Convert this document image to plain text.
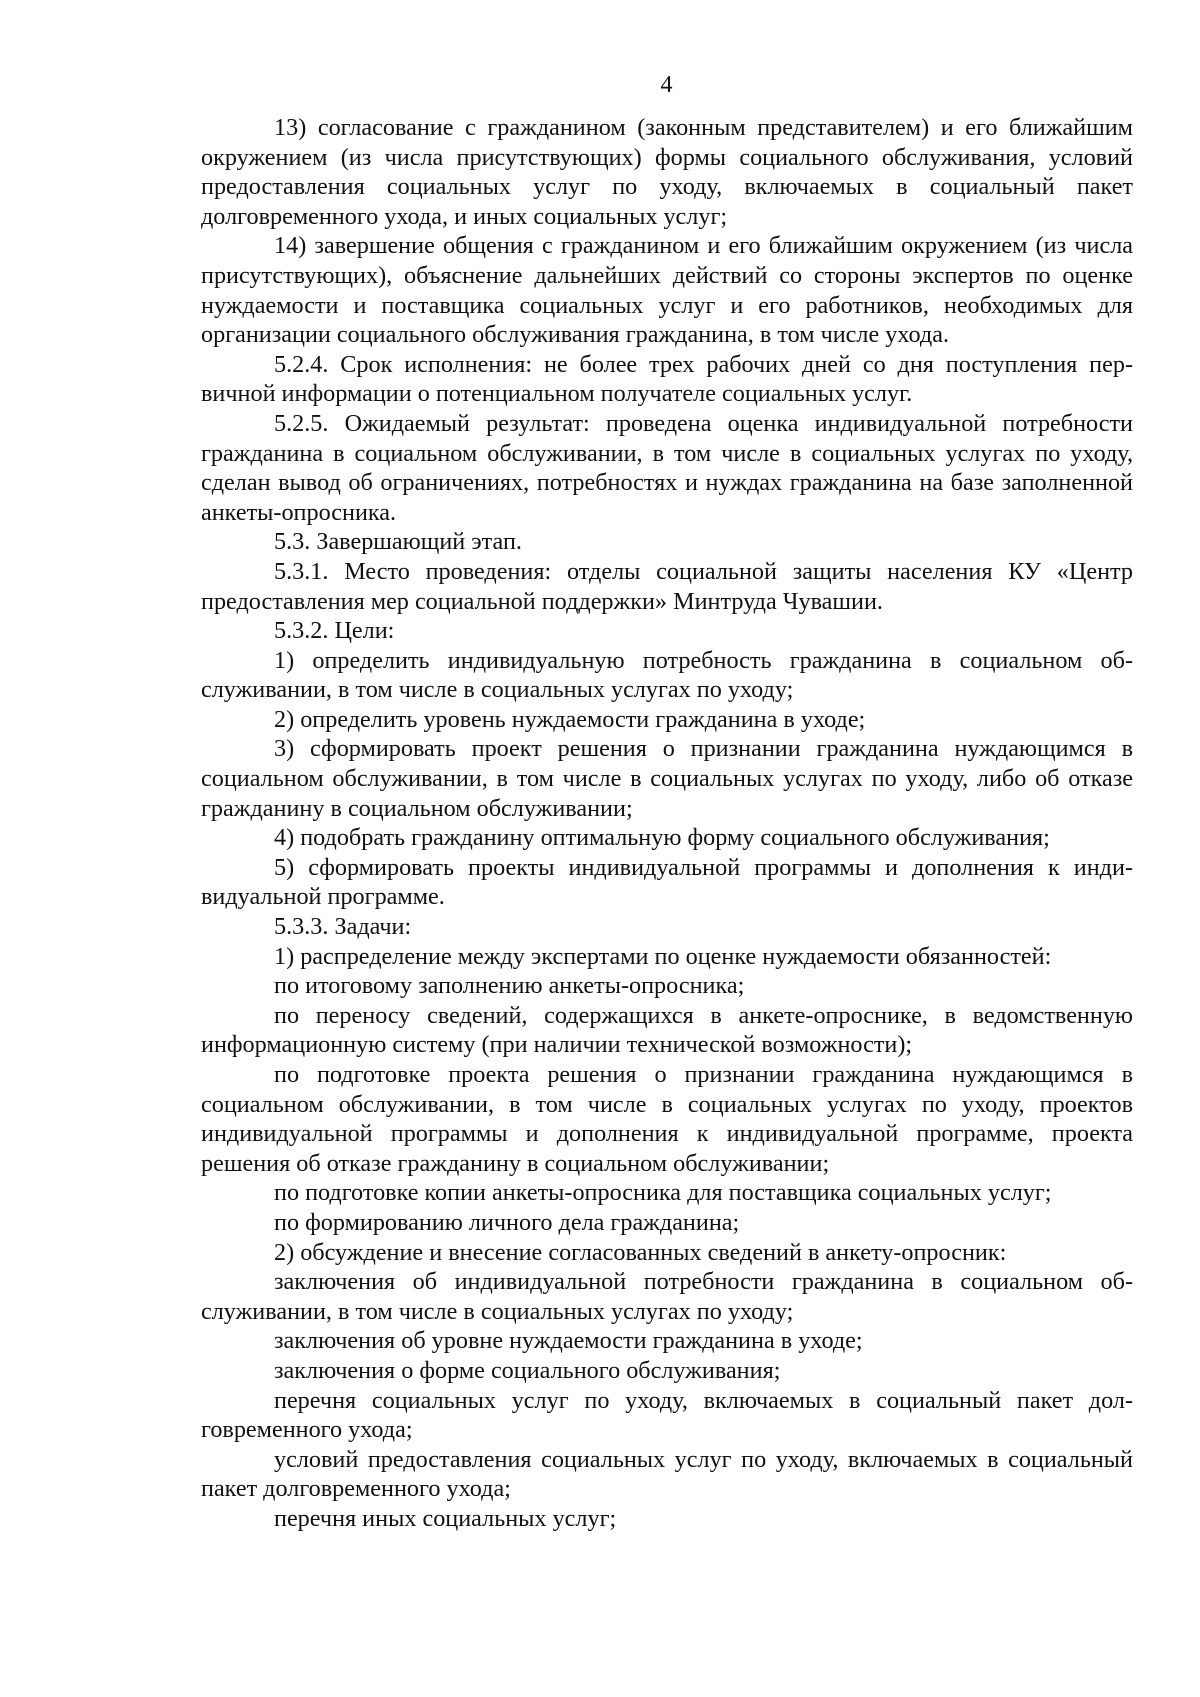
4

13) согласование с гражданином (законным представителем) и его ближайшим окружением (из числа присутствующих) формы социального обслуживания, условий предоставления социальных услуг по уходу, включаемых в социальный пакет долговременного ухода, и иных социальных услуг;

14) завершение общения с гражданином и его ближайшим окружением (из числа присутствующих), объяснение дальнейших действий со стороны экспертов по оценке нуждаемости и поставщика социальных услуг и его работников, необходимых для организации социального обслуживания гражданина, в том числе ухода.

5.2.4. Срок исполнения: не более трех рабочих дней со дня поступления первичной информации о потенциальном получателе социальных услуг.

5.2.5. Ожидаемый результат: проведена оценка индивидуальной потребности гражданина в социальном обслуживании, в том числе в социальных услугах по уходу, сделан вывод об ограничениях, потребностях и нуждах гражданина на базе заполненной анкеты-опросника.

5.3. Завершающий этап.

5.3.1. Место проведения: отделы социальной защиты населения КУ «Центр предоставления мер социальной поддержки» Минтруда Чувашии.

5.3.2. Цели:

1) определить индивидуальную потребность гражданина в социальном обслуживании, в том числе в социальных услугах по уходу;

2) определить уровень нуждаемости гражданина в уходе;

3) сформировать проект решения о признании гражданина нуждающимся в социальном обслуживании, в том числе в социальных услугах по уходу, либо об отказе гражданину в социальном обслуживании;

4) подобрать гражданину оптимальную форму социального обслуживания;

5) сформировать проекты индивидуальной программы и дополнения к индивидуальной программе.

5.3.3. Задачи:

1) распределение между экспертами по оценке нуждаемости обязанностей:

по итоговому заполнению анкеты-опросника;

по переносу сведений, содержащихся в анкете-опроснике, в ведомственную информационную систему (при наличии технической возможности);

по подготовке проекта решения о признании гражданина нуждающимся в социальном обслуживании, в том числе в социальных услугах по уходу, проектов индивидуальной программы и дополнения к индивидуальной программе, проекта решения об отказе гражданину в социальном обслуживании;

по подготовке копии анкеты-опросника для поставщика социальных услуг;

по формированию личного дела гражданина;

2) обсуждение и внесение согласованных сведений в анкету-опросник:

заключения об индивидуальной потребности гражданина в социальном обслуживании, в том числе в социальных услугах по уходу;

заключения об уровне нуждаемости гражданина в уходе;

заключения о форме социального обслуживания;

перечня социальных услуг по уходу, включаемых в социальный пакет долговременного ухода;

условий предоставления социальных услуг по уходу, включаемых в социальный пакет долговременного ухода;

перечня иных социальных услуг;
